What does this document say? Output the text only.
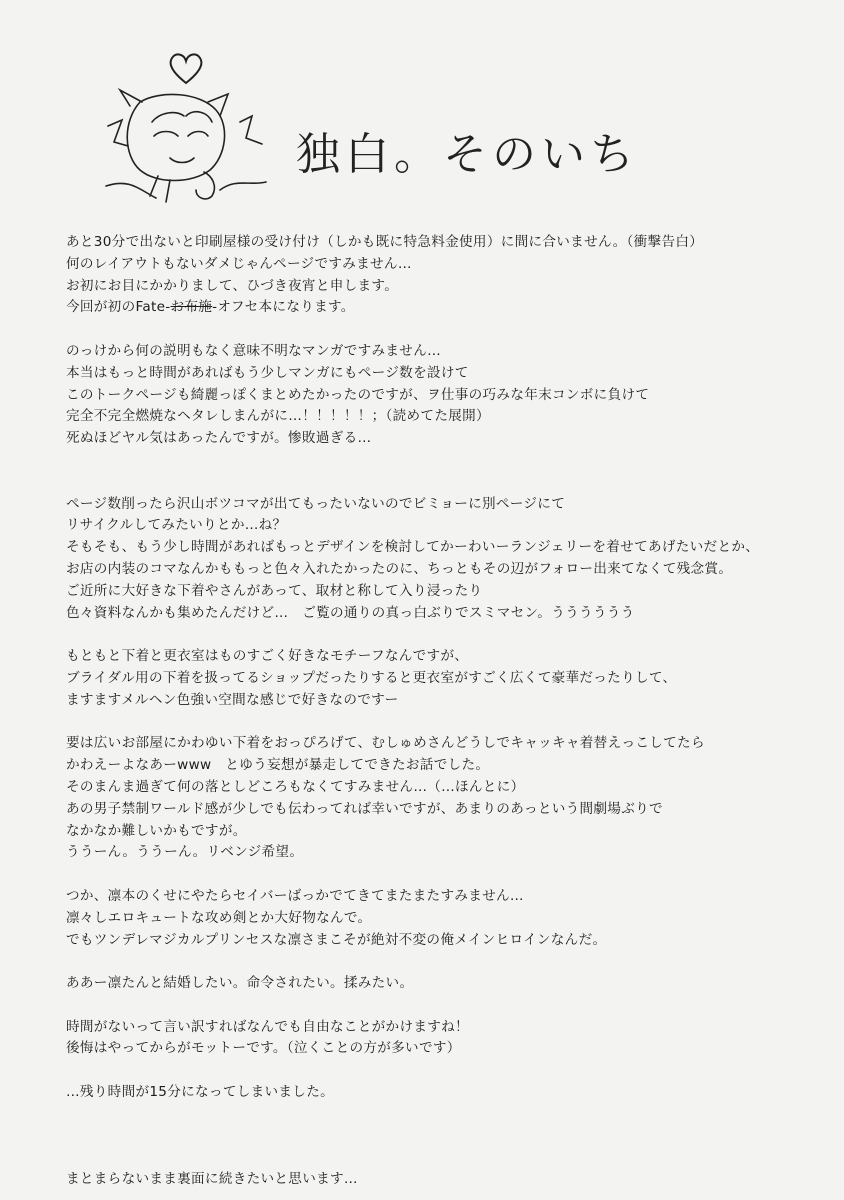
独白。そのいち
あと30分で出ないと印刷屋様の受け付け（しかも既に特急料金使用）に間に合いません。（衝撃告白）
何のレイアウトもないダメじゃんページですみません…
お初にお目にかかりまして、ひづき夜宵と申します。
今回が初のFate-お布施-オフセ本になります。
のっけから何の説明もなく意味不明なマンガですみません…
本当はもっと時間があればもう少しマンガにもページ数を設けて
このトークページも綺麗っぽくまとめたかったのですが、ヲ仕事の巧みな年末コンボに負けて
完全不完全燃焼なヘタレしまんがに…！！！！！；（読めてた展開）
死ぬほどヤル気はあったんですが。惨敗過ぎる…
ページ数削ったら沢山ボツコマが出てもったいないのでビミョーに別ページにて
リサイクルしてみたいりとか…ね？
そもそも、もう少し時間があればもっとデザインを検討してかーわいーランジェリーを着せてあげたいだとか、
お店の内装のコマなんかももっと色々入れたかったのに、ちっともその辺がフォロー出来てなくて残念賞。
ご近所に大好きな下着やさんがあって、取材と称して入り浸ったり
色々資料なんかも集めたんだけど…　ご覧の通りの真っ白ぶりでスミマセン。うううううう
もともと下着と更衣室はものすごく好きなモチーフなんですが、
ブライダル用の下着を扱ってるショップだったりすると更衣室がすごく広くて豪華だったりして、
ますますメルヘン色強い空間な感じで好きなのですー
要は広いお部屋にかわゆい下着をおっぴろげて、むしゅめさんどうしでキャッキャ着替えっこしてたら
かわえーよなあーwww　とゆう妄想が暴走してできたお話でした。
そのまんま過ぎて何の落としどころもなくてすみません…（…ほんとに）
あの男子禁制ワールド感が少しでも伝わってれば幸いですが、あまりのあっという間劇場ぶりで
なかなか難しいかもですが。
ううーん。ううーん。リベンジ希望。
つか、凛本のくせにやたらセイバーばっかでてきてまたまたすみません…
凛々しエロキュートな攻め剣とか大好物なんで。
でもツンデレマジカルプリンセスな凛さまこそが絶対不変の俺メインヒロインなんだ。
ああー凛たんと結婚したい。命令されたい。揉みたい。
時間がないって言い訳すればなんでも自由なことがかけますね！
後悔はやってからがモットーです。（泣くことの方が多いです）
…残り時間が15分になってしまいました。
まとまらないまま裏面に続きたいと思います…
